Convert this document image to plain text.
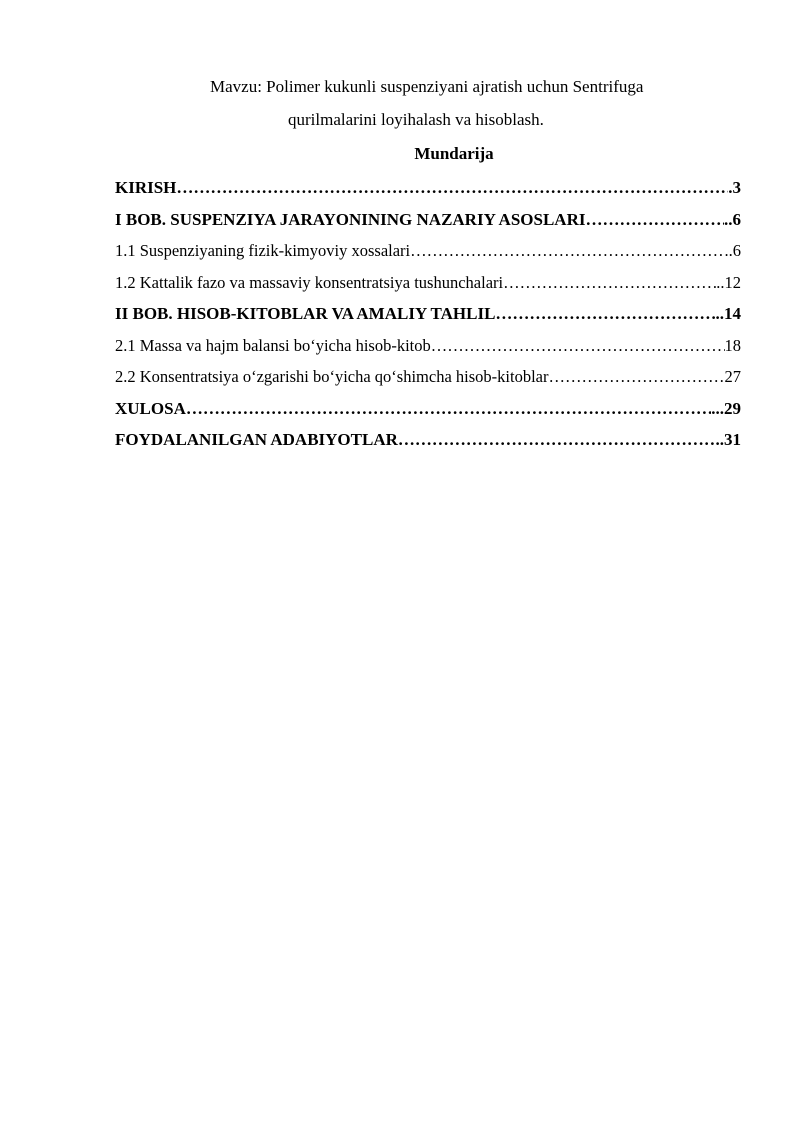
Mavzu: Polimer kukunli suspenziyani ajratish uchun Sentrifuga
qurilmalarini loyihalash va hisoblash.
Mundarija
KIRISH …………………………………………………………………………………………………………………………………………………………	.3
I BOB. SUSPENZIYA JARAYONINING NAZARIY ASOSLARI …………………………………………………………………………………………………………………………………………………………	..6
1.1 Suspenziyaning fizik-kimyoviy xossalari …………………………………………………………………………………………………………………………………………………………	..6
1.2 Kattalik fazo va massaviy konsentratsiya tushunchalari …………………………………………………………………………………………………………………………………………………………	..12
II BOB. HISOB-KITOBLAR VA AMALIY TAHLIL …………………………………………………………………………………………………………………………………………………………	..14
2.1 Massa va hajm balansi bo‘yicha hisob-kitob …………………………………………………………………………………………………………………………………………………………	18
2.2 Konsentratsiya o‘zgarishi bo‘yicha qo‘shimcha hisob-kitoblar …………………………………………………………………………………………………………………………………………………………	27
XULOSA …………………………………………………………………………………………………………………………………………………………	...29
FOYDALANILGAN ADABIYOTLAR …………………………………………………………………………………………………………………………………………………………	..31
